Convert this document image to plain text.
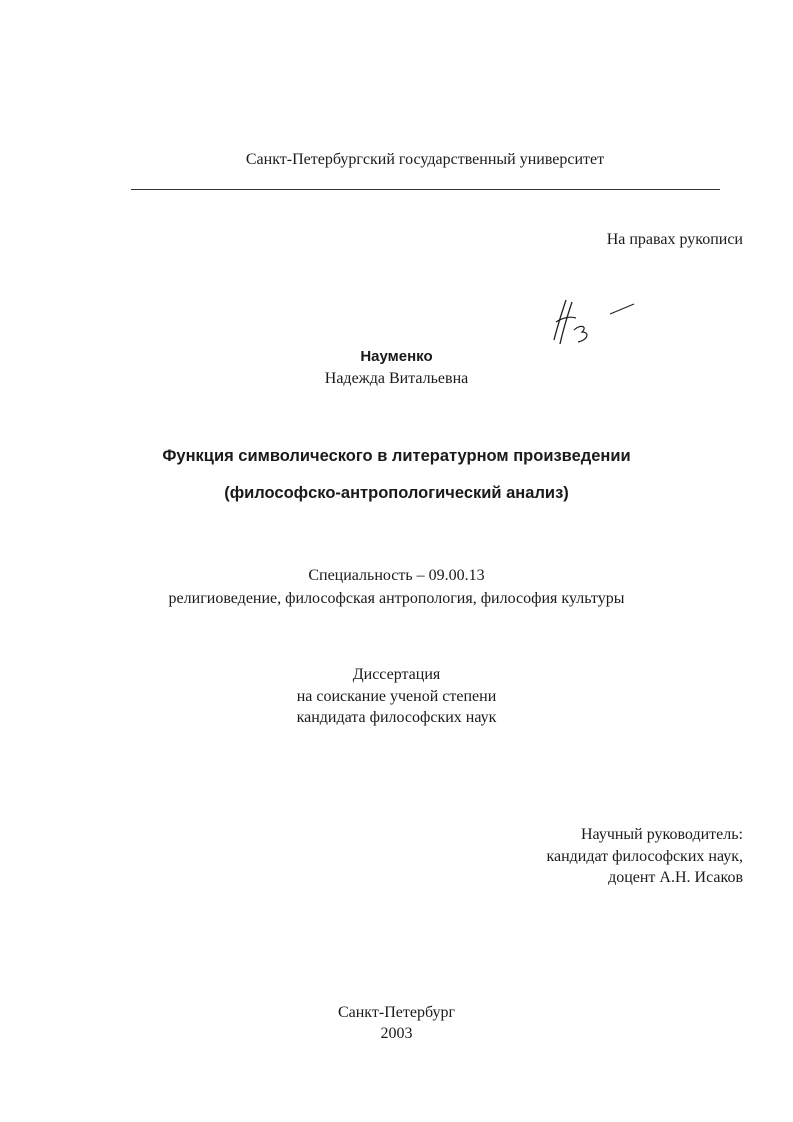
Санкт-Петербургский государственный университет
На правах рукописи
Науменко
Надежда Витальевна
Функция символического в литературном произведении
(философско-антропологический анализ)
Специальность – 09.00.13
религиоведение, философская антропология, философия культуры
Диссертация
на соискание ученой степени
кандидата философских наук
Научный руководитель:
кандидат философских наук,
доцент А.Н. Исаков
Санкт-Петербург
2003
